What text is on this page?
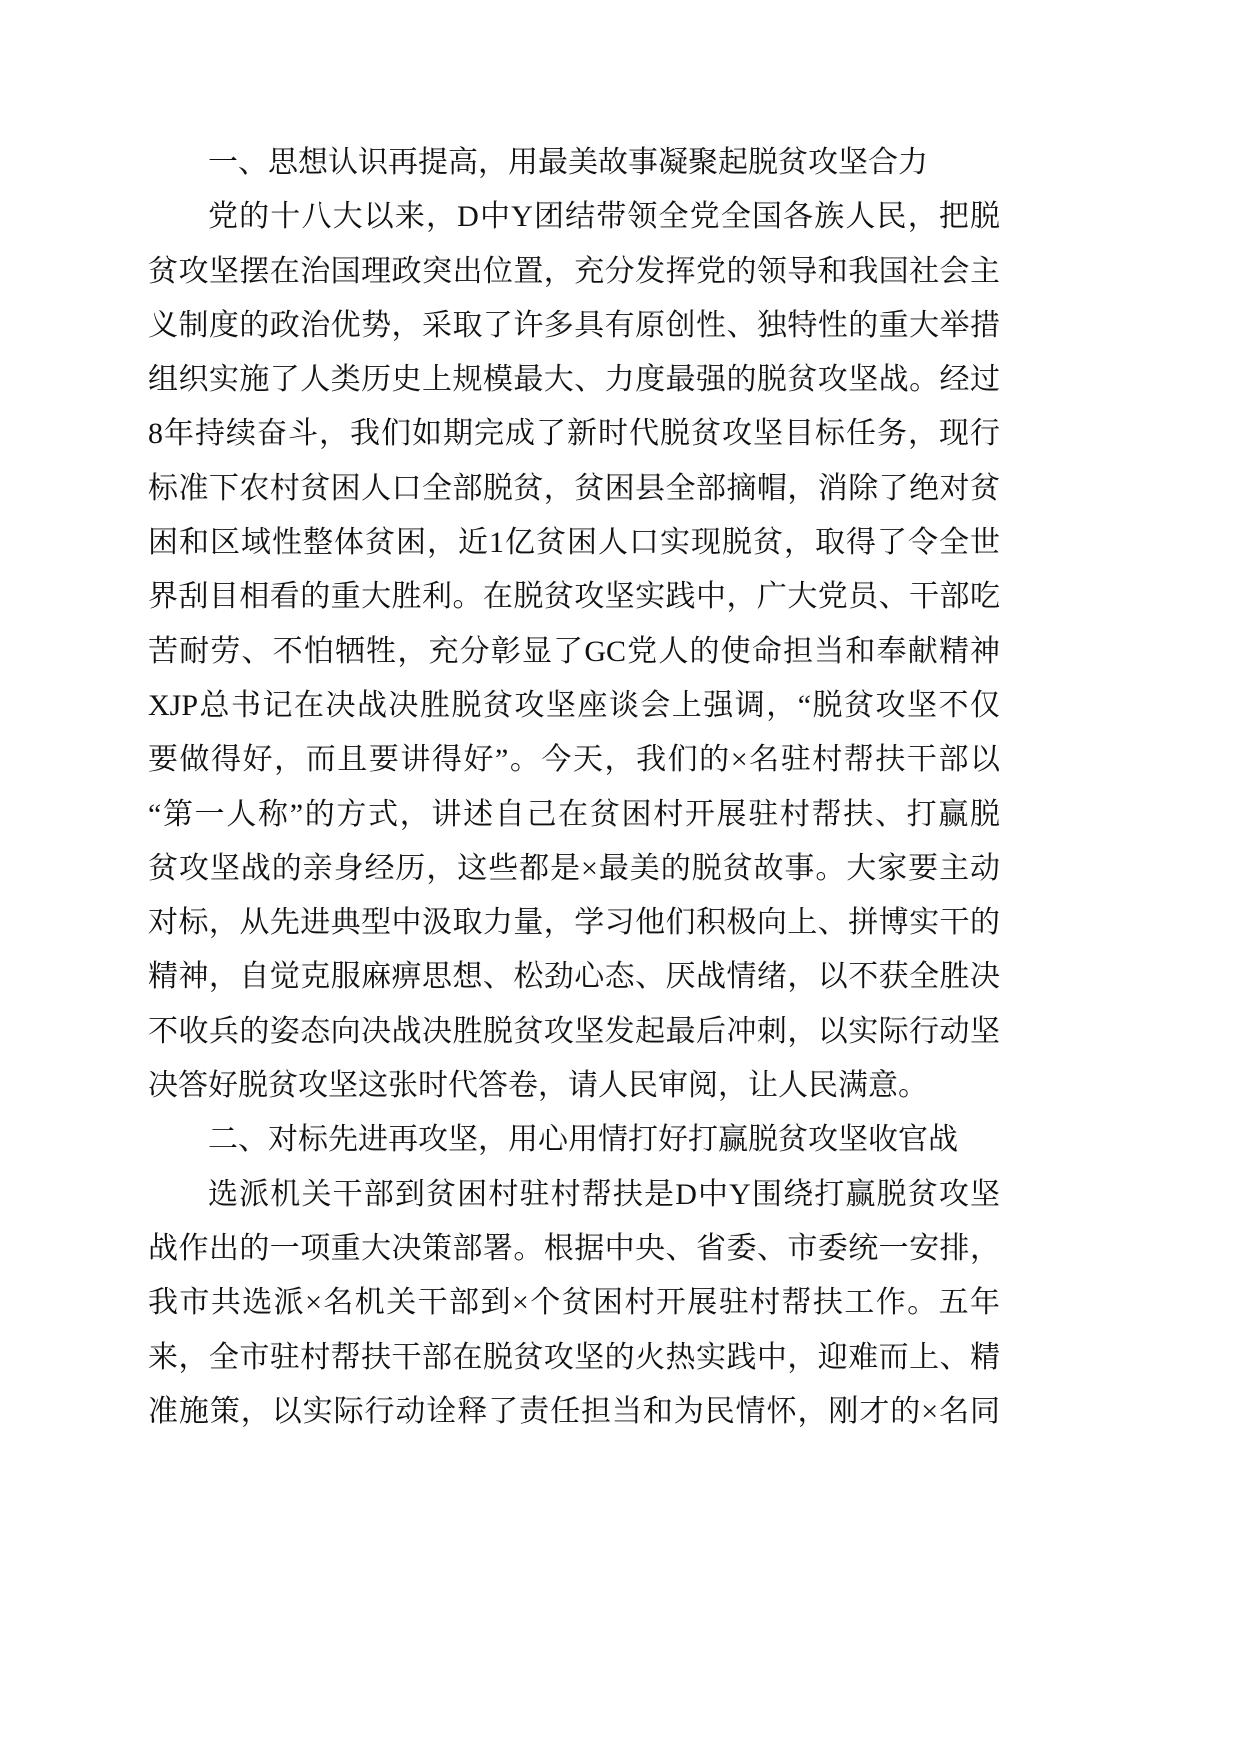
一、思想认识再提高，用最美故事凝聚起脱贫攻坚合力
党的十八大以来，D中Y团结带领全党全国各族人民，把脱
贫攻坚摆在治国理政突出位置，充分发挥党的领导和我国社会主
义制度的政治优势，采取了许多具有原创性、独特性的重大举措
组织实施了人类历史上规模最大、力度最强的脱贫攻坚战。经过
8年持续奋斗，我们如期完成了新时代脱贫攻坚目标任务，现行
标准下农村贫困人口全部脱贫，贫困县全部摘帽，消除了绝对贫
困和区域性整体贫困，近1亿贫困人口实现脱贫，取得了令全世
界刮目相看的重大胜利。在脱贫攻坚实践中，广大党员、干部吃
苦耐劳、不怕牺牲，充分彰显了GC党人的使命担当和奉献精神
XJP总书记在决战决胜脱贫攻坚座谈会上强调，“脱贫攻坚不仅
要做得好，而且要讲得好”。今天，我们的×名驻村帮扶干部以
“第一人称”的方式，讲述自己在贫困村开展驻村帮扶、打赢脱
贫攻坚战的亲身经历，这些都是×最美的脱贫故事。大家要主动
对标，从先进典型中汲取力量，学习他们积极向上、拼博实干的
精神，自觉克服麻痹思想、松劲心态、厌战情绪，以不获全胜决
不收兵的姿态向决战决胜脱贫攻坚发起最后冲刺，以实际行动坚
决答好脱贫攻坚这张时代答卷，请人民审阅，让人民满意。
二、对标先进再攻坚，用心用情打好打赢脱贫攻坚收官战
选派机关干部到贫困村驻村帮扶是D中Y围绕打赢脱贫攻坚
战作出的一项重大决策部署。根据中央、省委、市委统一安排，
我市共选派×名机关干部到×个贫困村开展驻村帮扶工作。五年
来，全市驻村帮扶干部在脱贫攻坚的火热实践中，迎难而上、精
准施策，以实际行动诠释了责任担当和为民情怀，刚才的×名同
